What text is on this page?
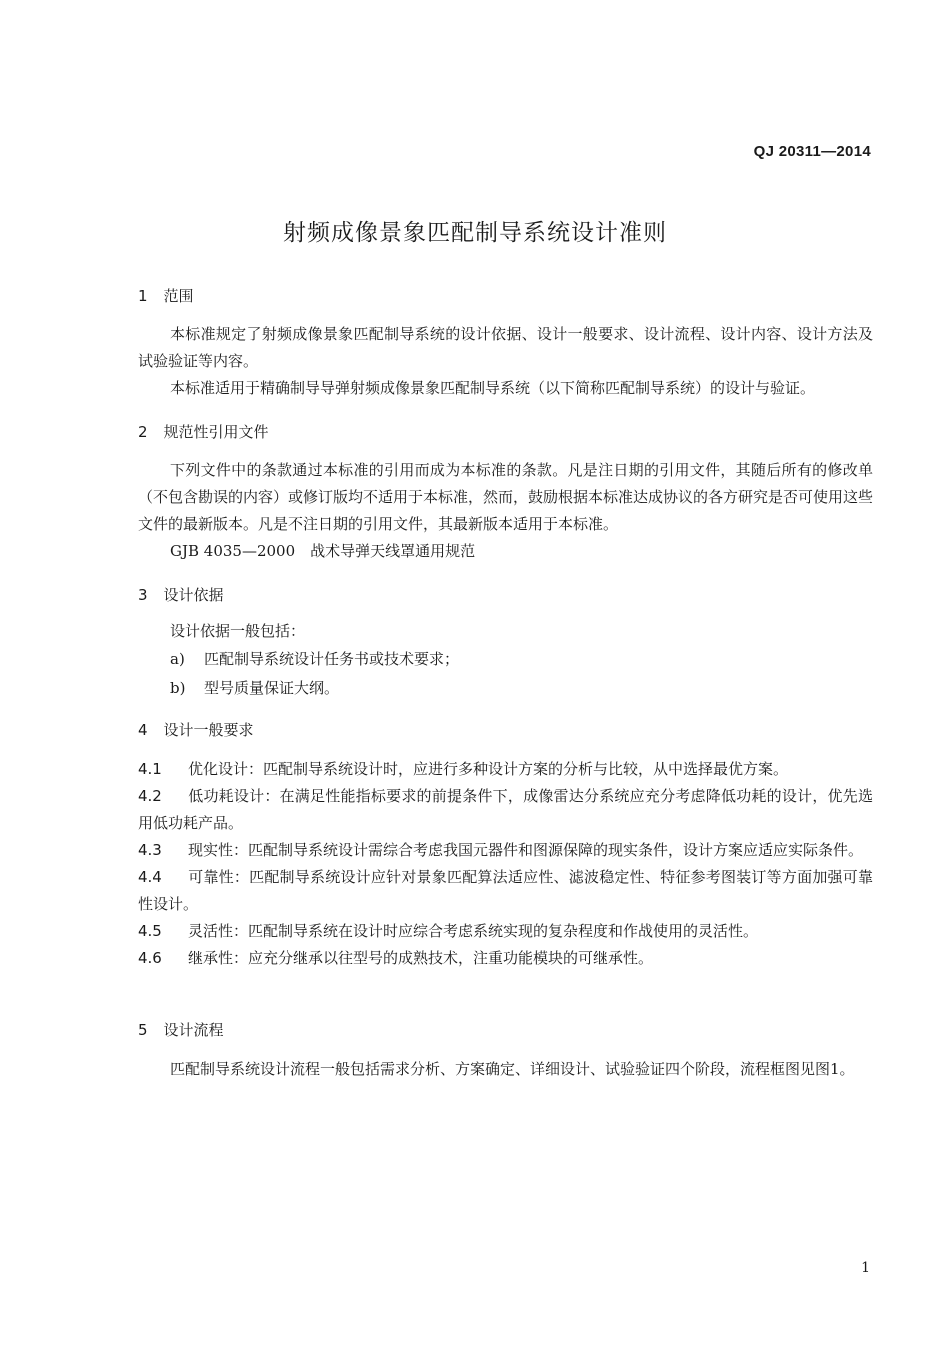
QJ 20311—2014
射频成像景象匹配制导系统设计准则
1 范围

本标准规定了射频成像景象匹配制导系统的设计依据、设计一般要求、设计流程、设计内容、设计方法及试验验证等内容。

本标准适用于精确制导导弹射频成像景象匹配制导系统（以下简称匹配制导系统）的设计与验证。

2 规范性引用文件

下列文件中的条款通过本标准的引用而成为本标准的条款。凡是注日期的引用文件，其随后所有的修改单（不包含勘误的内容）或修订版均不适用于本标准，然而，鼓励根据本标准达成协议的各方研究是否可使用这些文件的最新版本。凡是不注日期的引用文件，其最新版本适用于本标准。

GJB 4035—2000　战术导弹天线罩通用规范

3 设计依据

设计依据一般包括：

a)	匹配制导系统设计任务书或技术要求；
b)	型号质量保证大纲。
4 设计一般要求

4.1 优化设计：匹配制导系统设计时，应进行多种设计方案的分析与比较，从中选择最优方案。

4.2 低功耗设计：在满足性能指标要求的前提条件下，成像雷达分系统应充分考虑降低功耗的设计，优先选用低功耗产品。

4.3 现实性：匹配制导系统设计需综合考虑我国元器件和图源保障的现实条件，设计方案应适应实际条件。

4.4 可靠性：匹配制导系统设计应针对景象匹配算法适应性、滤波稳定性、特征参考图装订等方面加强可靠性设计。

4.5 灵活性：匹配制导系统在设计时应综合考虑系统实现的复杂程度和作战使用的灵活性。

4.6 继承性：应充分继承以往型号的成熟技术，注重功能模块的可继承性。

5 设计流程

匹配制导系统设计流程一般包括需求分析、方案确定、详细设计、试验验证四个阶段，流程框图见图1。

1
